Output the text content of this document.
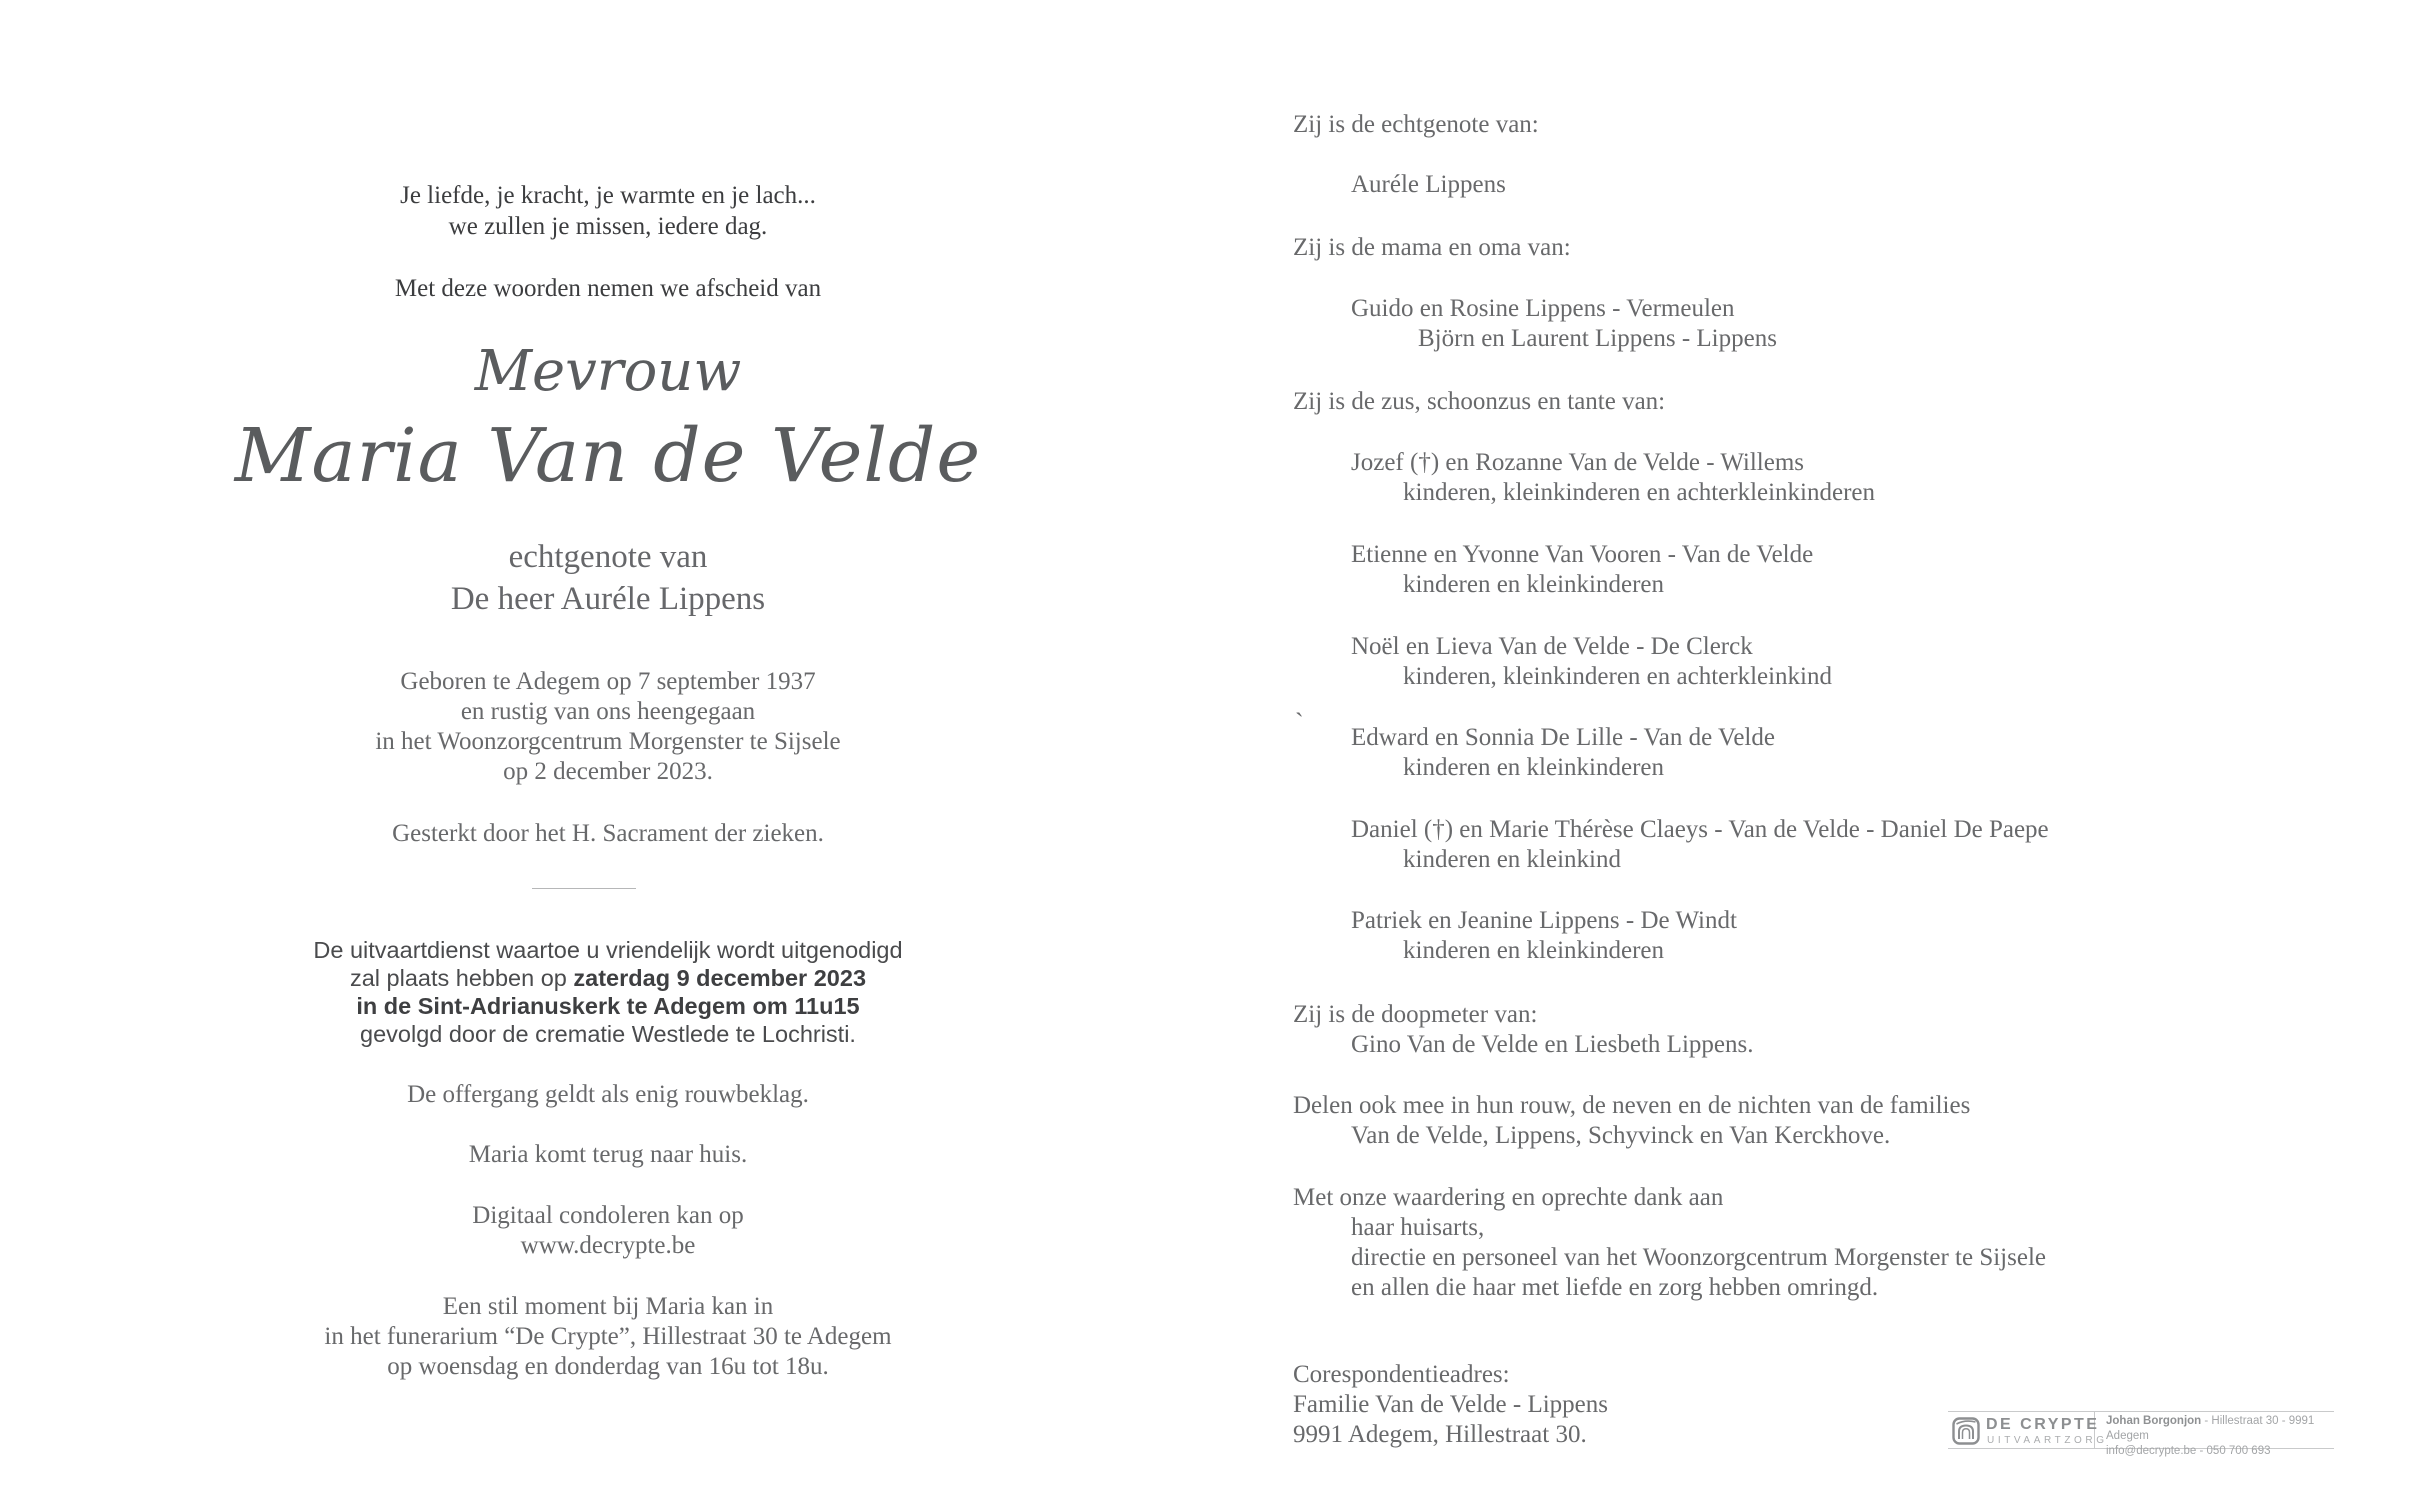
Je liefde, je kracht, je warmte en je lach...
we zullen je missen, iedere dag.
Met deze woorden nemen we afscheid van
Mevrouw
Maria Van de Velde
echtgenote van
De heer Auréle Lippens
Geboren te Adegem op 7 september 1937
en rustig van ons heengegaan
in het Woonzorgcentrum Morgenster te Sijsele
op 2 december 2023.
Gesterkt door het H. Sacrament der zieken.
De uitvaartdienst waartoe u vriendelijk wordt uitgenodigd
zal plaats hebben op zaterdag 9 december 2023
in de Sint-Adrianuskerk te Adegem om 11u15
gevolgd door de crematie Westlede te Lochristi.
De offergang geldt als enig rouwbeklag.
Maria komt terug naar huis.
Digitaal condoleren kan op
www.decrypte.be
Een stil moment bij Maria kan in
in het funerarium “De Crypte”, Hillestraat 30 te Adegem
op woensdag en donderdag van 16u tot 18u.
Zij is de echtgenote van:
Auréle Lippens
Zij is de mama en oma van:
Guido en Rosine Lippens - Vermeulen
Björn en Laurent Lippens - Lippens
Zij is de zus, schoonzus en tante van:
Jozef (†) en Rozanne Van de Velde - Willems
kinderen, kleinkinderen en achterkleinkinderen
Etienne en Yvonne Van Vooren - Van de Velde
kinderen en kleinkinderen
Noël en Lieva Van de Velde - De Clerck
kinderen, kleinkinderen en achterkleinkind
`
Edward en Sonnia De Lille - Van de Velde
kinderen en kleinkinderen
Daniel (†) en Marie Thérèse Claeys - Van de Velde - Daniel De Paepe
kinderen en kleinkind
Patriek en Jeanine Lippens - De Windt
kinderen en kleinkinderen
Zij is de doopmeter van:
Gino Van de Velde en Liesbeth Lippens.
Delen ook mee in hun rouw, de neven en de nichten van de families
Van de Velde, Lippens, Schyvinck en Van Kerckhove.
Met onze waardering en oprechte dank aan
haar huisarts,
directie en personeel van het Woonzorgcentrum Morgenster te Sijsele
en allen die haar met liefde en zorg hebben omringd.
Corespondentieadres:
Familie Van de Velde - Lippens
9991 Adegem, Hillestraat 30.	DE CRYPTE
UITVAARTZORG
Johan Borgonjon - Hillestraat 30 - 9991 Adegem
info@decrypte.be - 050 700 693
